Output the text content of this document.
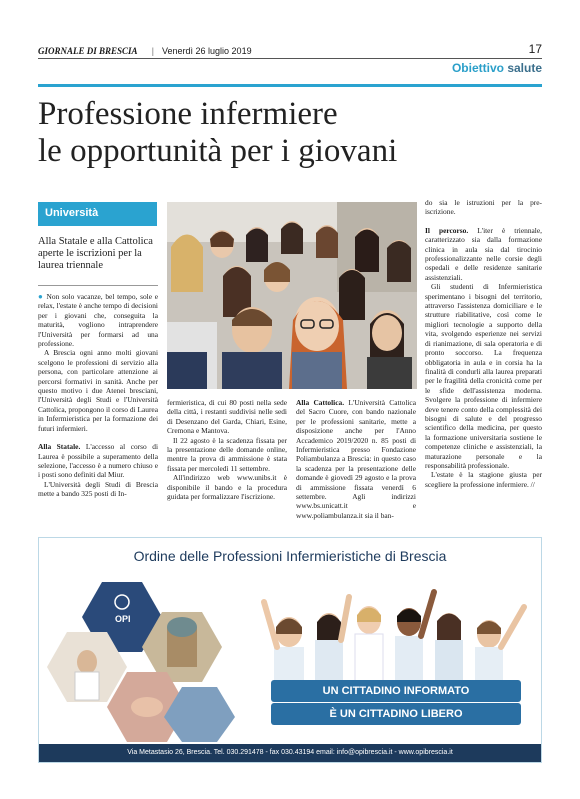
GIORNALE DI BRESCIA | Venerdì 26 luglio 2019	17
Obiettivo salute
Professione infermiere
le opportunità per i giovani
Università
Alla Statale e alla Cattolica aperte le iscrizioni per la laurea triennale

● Non solo vacanze, bel tempo, sole e relax, l'estate è anche tempo di decisioni per i giovani che, conseguita la maturità, vogliono intraprendere l'Università per formarsi ad una professione.

A Brescia ogni anno molti giovani scelgono le professioni di servizio alla persona, con particolare attenzione ai percorsi formativi in sanità. Anche per questo motivo i due Atenei bresciani, l'Università degli Studi e l'Università Cattolica, propongono il corso di Laurea in Infermieristica per la formazione dei futuri infermieri.

Alla Statale. L'accesso al corso di Laurea è possibile a superamento della selezione, l'accesso è a numero chiuso e i posti sono definiti dal Miur.

L'Università degli Studi di Brescia mette a bando 325 posti di In-

fermieristica, di cui 80 posti nella sede della città, i restanti suddivisi nelle sedi di Desenzano del Garda, Chiari, Esine, Cremona e Mantova.

Il 22 agosto è la scadenza fissata per la presentazione delle domande online, mentre la prova di ammissione è stata fissata per mercoledì 11 settembre.

All'indirizzo web www.unibs.it è disponibile il bando e la procedura guidata per formalizzare l'iscrizione.

Alla Cattolica. L'Università Cattolica del Sacro Cuore, con bando nazionale per le professioni sanitarie, mette a disposizione anche per l'Anno Accademico 2019/2020 n. 85 posti di Infermieristica presso Fondazione Poliambulanza a Brescia: in questo caso la scadenza per la presentazione delle domande è giovedì 29 agosto e la prova di ammissione fissata venerdì 6 settembre. Agli indirizzi www.bs.unicatt.it e www.poliambulanza.it sia il ban-

do sia le istruzioni per la pre-iscrizione.

Il percorso. L'iter è triennale, caratterizzato sia dalla formazione clinica in aula sia dal tirocinio professionalizzante nelle corsie degli ospedali e delle residenze sanitarie assistenziali.

Gli studenti di Infermieristica sperimentano i bisogni del territorio, attraverso l'assistenza domiciliare e le strutture riabilitative, così come le migliori tecnologie a supporto della vita, svolgendo esperienze nei servizi di rianimazione, di sala operatoria e di pronto soccorso. La frequenza obbligatoria in aula e in corsia ha la finalità di condurli alla laurea preparati per le fragilità della cronicità come per le sfide dell'assistenza moderna. Svolgere la professione di infermiere deve tenere conto della complessità dei bisogni di salute e del progresso scientifico della medicina, per questo la formazione universitaria sostiene le competenze cliniche e assistenziali, la maturazione personale e la responsabilità professionale.

L'estate è la stagione giusta per scegliere la professione infermiere. //

Ordine delle Professioni Infermieristiche di Brescia
OPI
UN CITTADINO INFORMATO
È UN CITTADINO LIBERO
Via Metastasio 26, Brescia. Tel. 030.291478 - fax 030.43194 email: info@opibrescia.it - www.opibrescia.it
